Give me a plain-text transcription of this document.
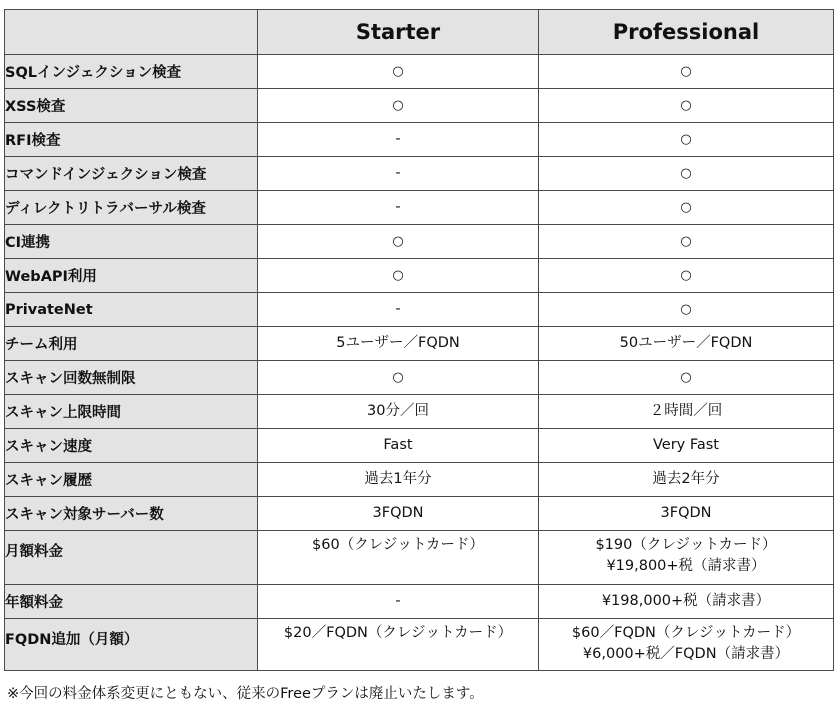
	Starter	Professional
SQLインジェクション検査	○	○

XSS検査	○	○

RFI検査	-	○

コマンドインジェクション検査	-	○

ディレクトリトラバーサル検査	-	○

CI連携	○	○

WebAPI利用	○	○

PrivateNet	-	○

チーム利用	5ユーザー／FQDN	50ユーザー／FQDN

スキャン回数無制限	○	○

スキャン上限時間	30分／回	２時間／回

スキャン速度	Fast	Very Fast

スキャン履歴	過去1年分	過去2年分

スキャン対象サーバー数	3FQDN	3FQDN

月額料金	$60（クレジットカード）	$190（クレジットカード）
¥19,800+税（請求書）

年額料金	-	¥198,000+税（請求書）

FQDN追加（月額）	$20／FQDN（クレジットカード）	$60／FQDN（クレジットカード）
¥6,000+税／FQDN（請求書）
※今回の料金体系変更にともない、従来のFreeプランは廃止いたします。
